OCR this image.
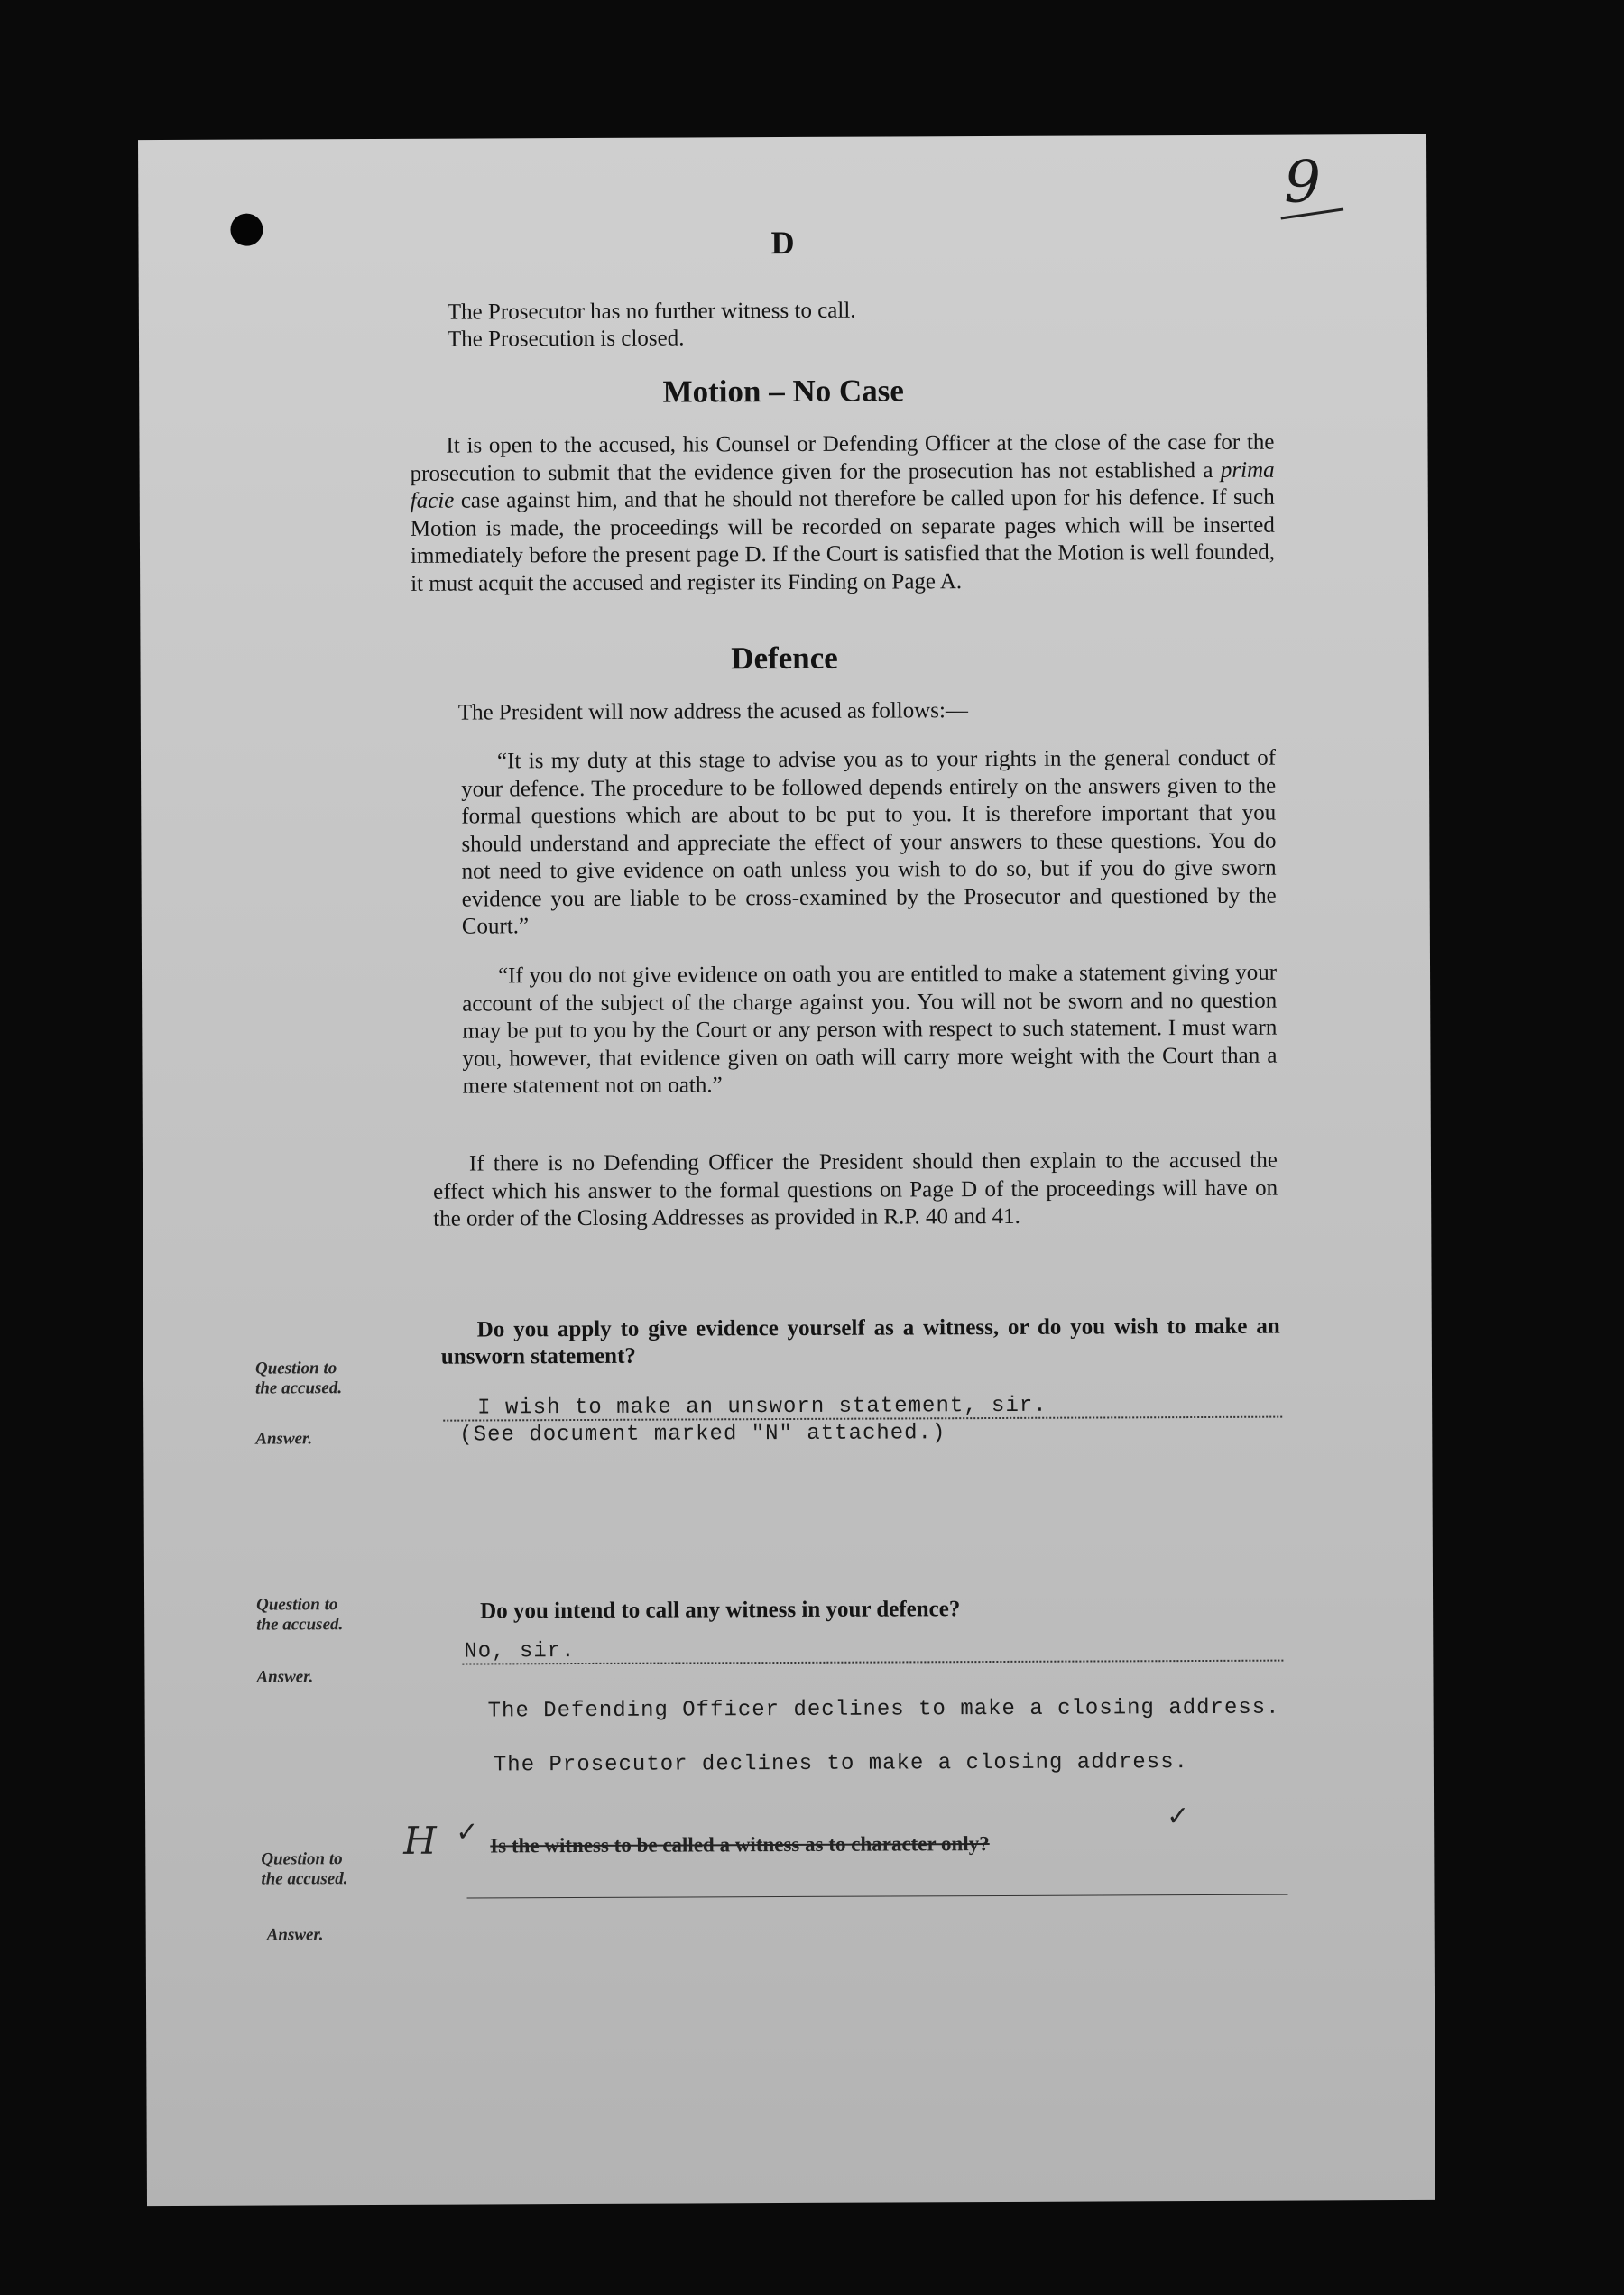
9
D
The Prosecutor has no further witness to call.
The Prosecution is closed.
Motion – No Case
It is open to the accused, his Counsel or Defending Officer at the close of the case for the prosecution to submit that the evidence given for the prosecution has not established a prima facie case against him, and that he should not therefore be called upon for his defence. If such Motion is made, the proceedings will be recorded on separate pages which will be inserted immediately before the present page D. If the Court is satisfied that the Motion is well founded, it must acquit the accused and register its Finding on Page A.
Defence
The President will now address the acused as follows:—
“It is my duty at this stage to advise you as to your rights in the general conduct of your defence. The procedure to be followed depends entirely on the answers given to the formal questions which are about to be put to you. It is therefore important that you should understand and appreciate the effect of your answers to these questions. You do not need to give evidence on oath unless you wish to do so, but if you do give sworn evidence you are liable to be cross-examined by the Prosecutor and questioned by the Court.”
“If you do not give evidence on oath you are entitled to make a statement giving your account of the subject of the charge against you. You will not be sworn and no question may be put to you by the Court or any person with respect to such statement. I must warn you, however, that evidence given on oath will carry more weight with the Court than a mere statement not on oath.”
If there is no Defending Officer the President should then explain to the accused the effect which his answer to the formal questions on Page D of the proceedings will have on the order of the Closing Addresses as provided in R.P. 40 and 41.
Question to
the accused.
Do you apply to give evidence yourself as a witness, or do you wish to make an unsworn statement?
Answer.
I wish to make an unsworn statement, sir.
(See document marked "N" attached.)
Question to
the accused.
Do you intend to call any witness in your defence?
Answer.
No, sir.
The Defending Officer declines to make a closing address.
The Prosecutor declines to make a closing address.
Question to
the accused.
H ✓ Is the witness to be called a witness as to character only?
✓
Answer.
